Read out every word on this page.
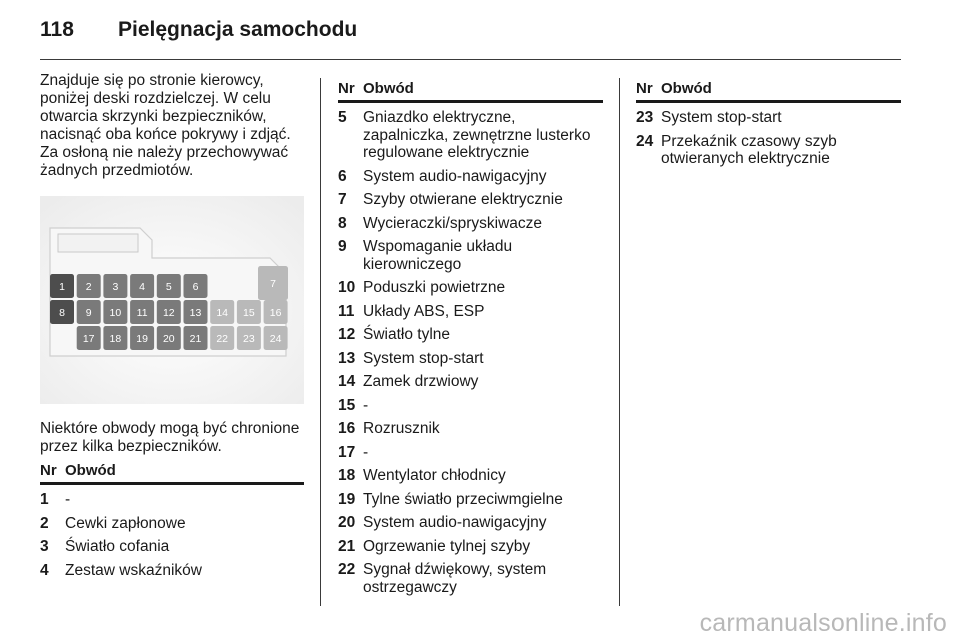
118	Pielęgnacja samochodu

Znajduje się po stronie kierowcy, poniżej deski rozdzielczej. W celu otwarcia skrzynki bezpieczników, nacisnąć oba końce pokrywy i zdjąć. Za osłoną nie należy przechowywać żadnych przedmiotów.

1 2 3 4 5 6	7
8 9 10 11 12 13 14 15 16
17 18 19 20 21 22 23 24

Niektóre obwody mogą być chronione przez kilka bezpieczników.

Nr Obwód
1	-
2	Cewki zapłonowe
3	Światło cofania
4	Zestaw wskaźników
Nr Obwód
5	Gniazdko elektryczne, zapalniczka, zewnętrzne lusterko regulowane elektrycznie
6	System audio-nawigacyjny
7	Szyby otwierane elektrycznie
8	Wycieraczki/spryskiwacze
9	Wspomaganie układu kierowniczego
10 Poduszki powietrzne
11 Układy ABS, ESP
12 Światło tylne
13 System stop-start
14 Zamek drzwiowy
15 -
16 Rozrusznik
17 -
18 Wentylator chłodnicy
19 Tylne światło przeciwmgielne
20 System audio-nawigacyjny
21 Ogrzewanie tylnej szyby
22 Sygnał dźwiękowy, system ostrzegawczy
Nr Obwód
23 System stop-start
24 Przekaźnik czasowy szyb otwieranych elektrycznie
carmanualsonline.info
